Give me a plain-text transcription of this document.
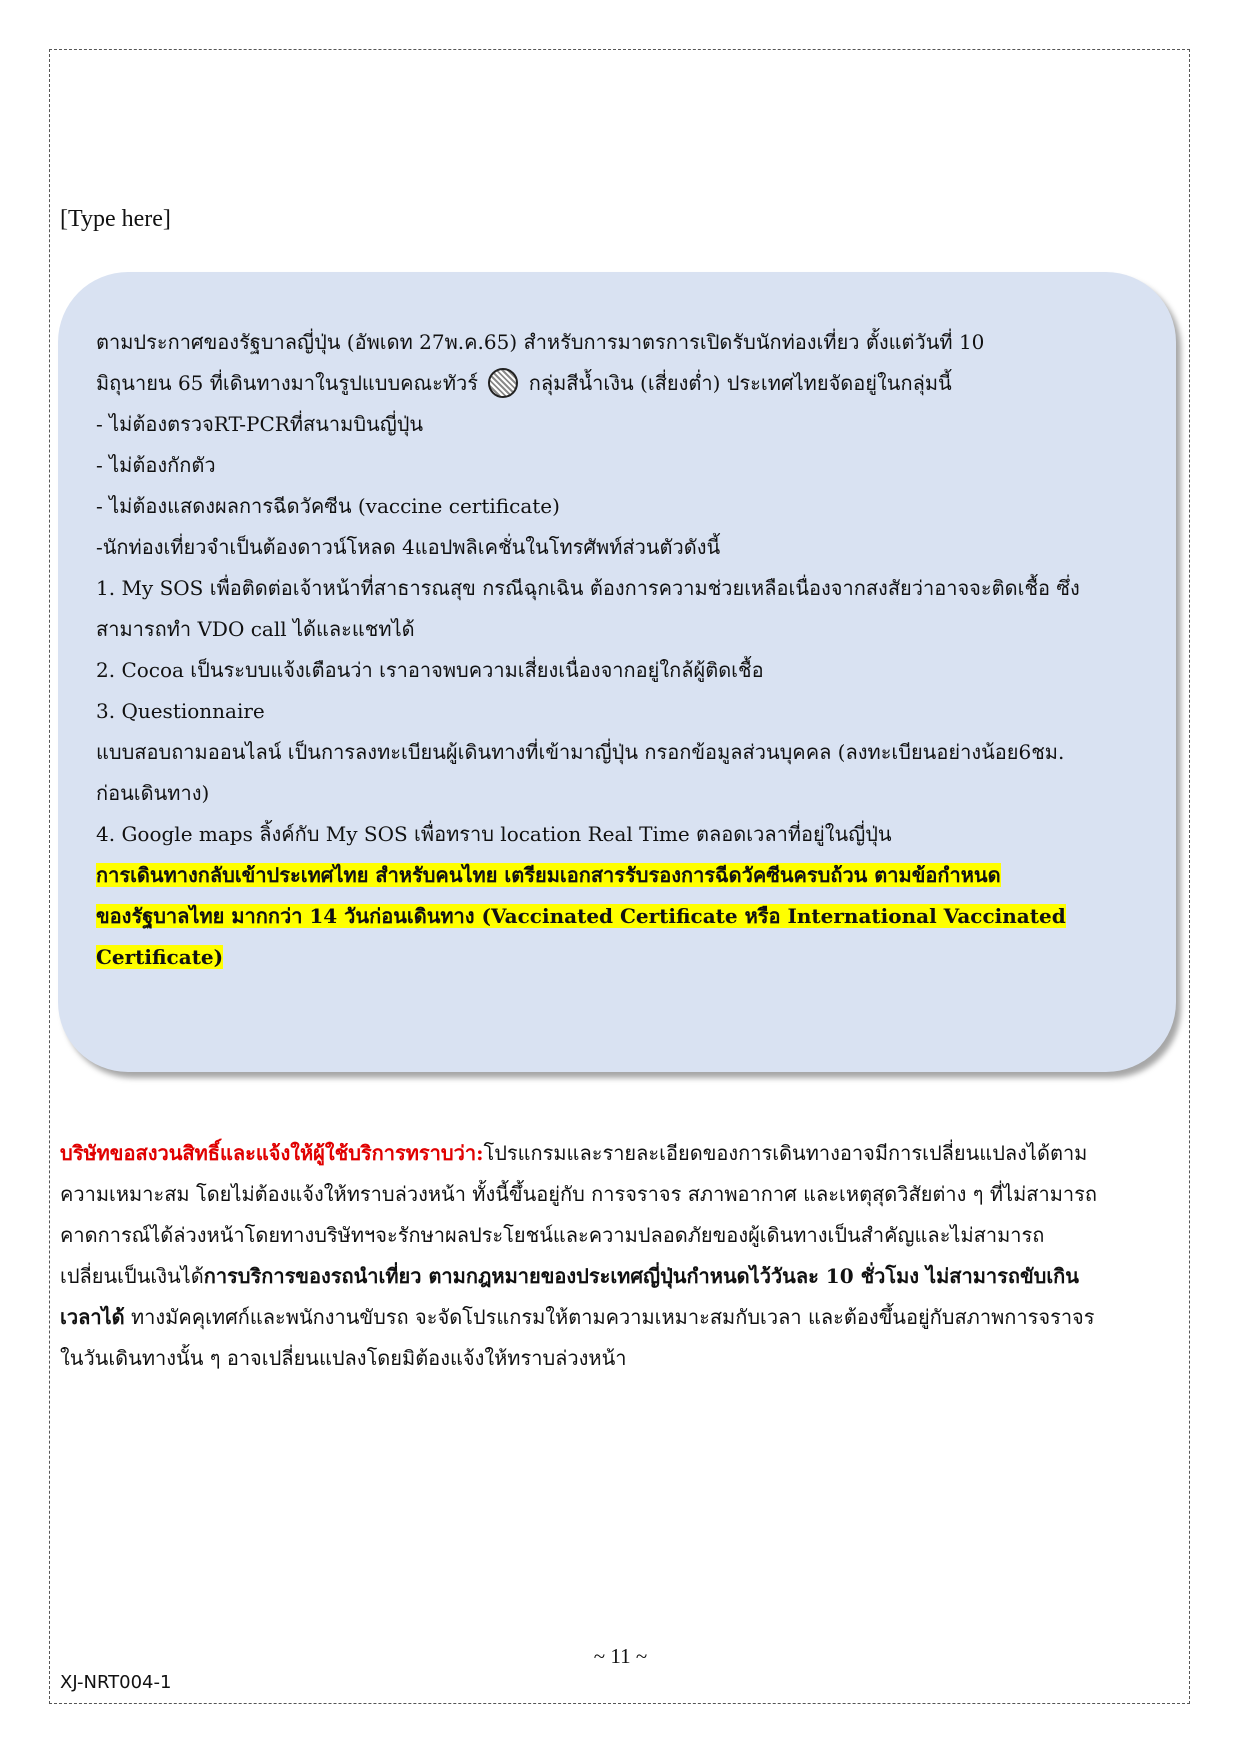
[Type here]
ตามประกาศของรัฐบาลญี่ปุ่น (อัพเดท 27พ.ค.65) สำหรับการมาตรการเปิดรับนักท่องเที่ยว ตั้งแต่วันที่ 10
มิถุนายน 65 ที่เดินทางมาในรูปแบบคณะทัวร์	กลุ่มสีน้ำเงิน (เสี่ยงต่ำ) ประเทศไทยจัดอยู่ในกลุ่มนี้
- ไม่ต้องตรวจRT-PCRที่สนามบินญี่ปุ่น
- ไม่ต้องกักตัว
- ไม่ต้องแสดงผลการฉีดวัคซีน (vaccine certificate)
-นักท่องเที่ยวจำเป็นต้องดาวน์โหลด 4แอปพลิเคชั่นในโทรศัพท์ส่วนตัวดังนี้
1. My SOS เพื่อติดต่อเจ้าหน้าที่สาธารณสุข กรณีฉุกเฉิน ต้องการความช่วยเหลือเนื่องจากสงสัยว่าอาจจะติดเชื้อ ซึ่ง
สามารถทำ VDO call ได้และแชทได้
2. Cocoa เป็นระบบแจ้งเตือนว่า เราอาจพบความเสี่ยงเนื่องจากอยู่ใกล้ผู้ติดเชื้อ
3. Questionnaire
แบบสอบถามออนไลน์ เป็นการลงทะเบียนผู้เดินทางที่เข้ามาญี่ปุ่น กรอกข้อมูลส่วนบุคคล (ลงทะเบียนอย่างน้อย6ชม.
ก่อนเดินทาง)
4. Google maps ลิ้งค์กับ My SOS เพื่อทราบ location Real Time ตลอดเวลาที่อยู่ในญี่ปุ่น
การเดินทางกลับเข้าประเทศไทย สำหรับคนไทย เตรียมเอกสารรับรองการฉีดวัคซีนครบถ้วน ตามข้อกำหนด
ของรัฐบาลไทย มากกว่า 14 วันก่อนเดินทาง (Vaccinated Certificate หรือ International Vaccinated
Certificate)
บริษัทขอสงวนสิทธิ์และแจ้งให้ผู้ใช้บริการทราบว่า:โปรแกรมและรายละเอียดของการเดินทางอาจมีการเปลี่ยนแปลงได้ตาม
ความเหมาะสม โดยไม่ต้องแจ้งให้ทราบล่วงหน้า ทั้งนี้ขึ้นอยู่กับ การจราจร สภาพอากาศ และเหตุสุดวิสัยต่าง ๆ ที่ไม่สามารถ
คาดการณ์ได้ล่วงหน้าโดยทางบริษัทฯจะรักษาผลประโยชน์และความปลอดภัยของผู้เดินทางเป็นสำคัญและไม่สามารถ
เปลี่ยนเป็นเงินได้การบริการของรถนำเที่ยว ตามกฎหมายของประเทศญี่ปุ่นกำหนดไว้วันละ 10 ชั่วโมง ไม่สามารถขับเกิน
เวลาได้ ทางมัคคุเทศก์และพนักงานขับรถ จะจัดโปรแกรมให้ตามความเหมาะสมกับเวลา และต้องขึ้นอยู่กับสภาพการจราจร
ในวันเดินทางนั้น ๆ อาจเปลี่ยนแปลงโดยมิต้องแจ้งให้ทราบล่วงหน้า
~ 11 ~
XJ-NRT004-1
